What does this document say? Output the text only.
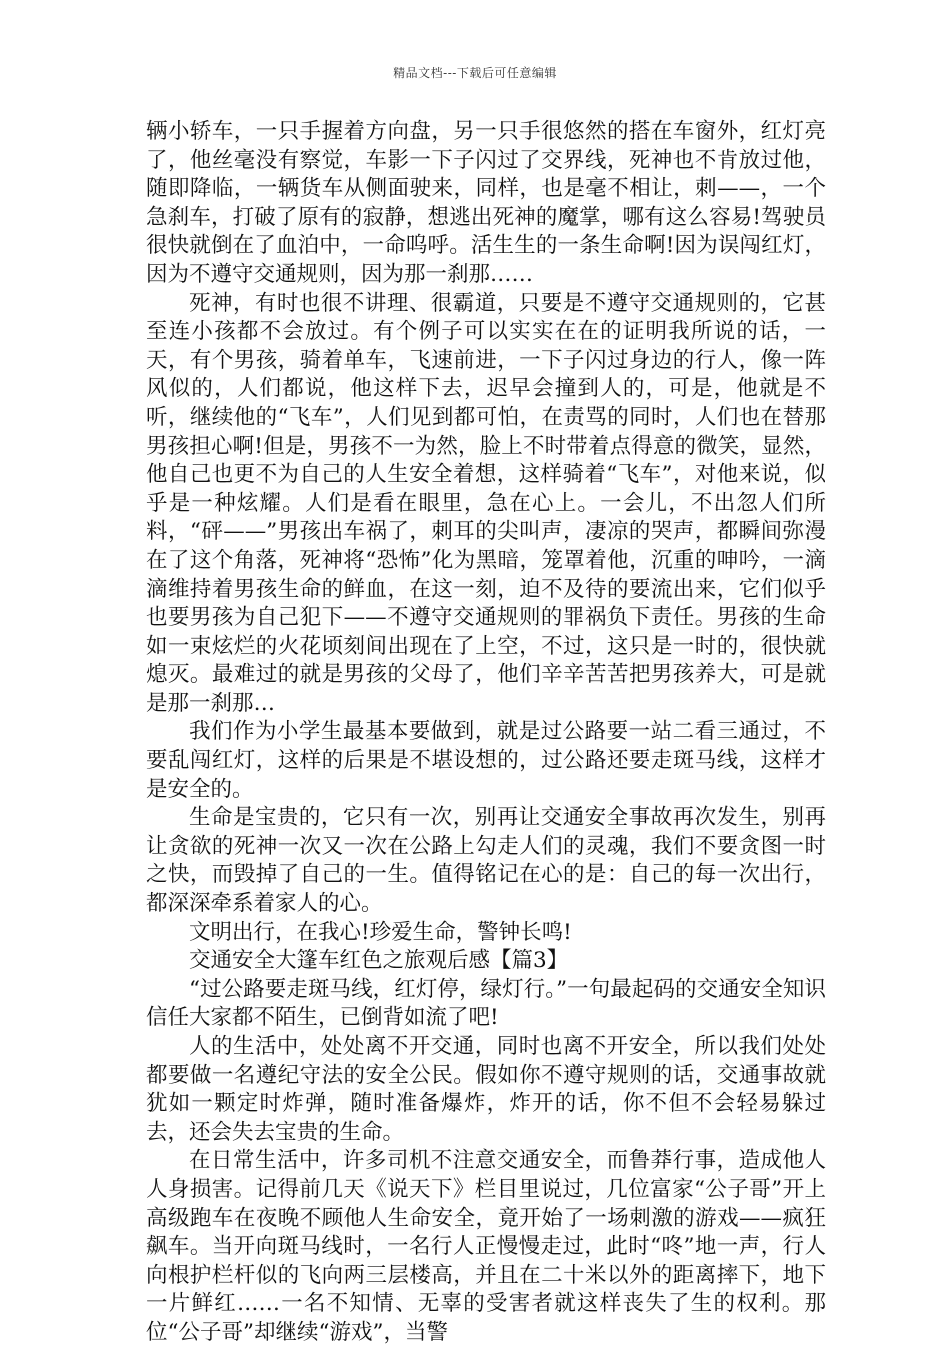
精品文档---下载后可任意编辑

辆小轿车，一只手握着方向盘，另一只手很悠然的搭在车窗外，红灯亮了，他丝毫没有察觉，车影一下子闪过了交界线，死神也不肯放过他，随即降临，一辆货车从侧面驶来，同样，也是毫不相让，刺——，一个急刹车，打破了原有的寂静，想逃出死神的魔掌，哪有这么容易!驾驶员很快就倒在了血泊中，一命呜呼。活生生的一条生命啊!因为误闯红灯，因为不遵守交通规则，因为那一刹那……

死神，有时也很不讲理、很霸道，只要是不遵守交通规则的，它甚至连小孩都不会放过。有个例子可以实实在在的证明我所说的话，一天，有个男孩，骑着单车，飞速前进，一下子闪过身边的行人，像一阵风似的，人们都说，他这样下去，迟早会撞到人的，可是，他就是不听，继续他的“飞车”，人们见到都可怕，在责骂的同时，人们也在替那男孩担心啊!但是，男孩不一为然，脸上不时带着点得意的微笑，显然，他自己也更不为自己的人生安全着想，这样骑着“飞车”，对他来说，似乎是一种炫耀。人们是看在眼里，急在心上。一会儿，不出忽人们所料，“砰——”男孩出车祸了，刺耳的尖叫声，凄凉的哭声，都瞬间弥漫在了这个角落，死神将“恐怖”化为黑暗，笼罩着他，沉重的呻吟，一滴滴维持着男孩生命的鲜血，在这一刻，迫不及待的要流出来，它们似乎也要男孩为自己犯下——不遵守交通规则的罪祸负下责任。男孩的生命如一束炫烂的火花顷刻间出现在了上空，不过，这只是一时的，很快就熄灭。最难过的就是男孩的父母了，他们辛辛苦苦把男孩养大，可是就是那一刹那…

我们作为小学生最基本要做到，就是过公路要一站二看三通过，不要乱闯红灯，这样的后果是不堪设想的，过公路还要走斑马线，这样才是安全的。

生命是宝贵的，它只有一次，别再让交通安全事故再次发生，别再让贪欲的死神一次又一次在公路上勾走人们的灵魂，我们不要贪图一时之快，而毁掉了自己的一生。值得铭记在心的是：自己的每一次出行，都深深牵系着家人的心。

文明出行，在我心!珍爱生命，警钟长鸣!

交通安全大篷车红色之旅观后感【篇3】

“过公路要走斑马线，红灯停，绿灯行。”一句最起码的交通安全知识信任大家都不陌生，已倒背如流了吧!

人的生活中，处处离不开交通，同时也离不开安全，所以我们处处都要做一名遵纪守法的安全公民。假如你不遵守规则的话，交通事故就犹如一颗定时炸弹，随时准备爆炸，炸开的话，你不但不会轻易躲过去，还会失去宝贵的生命。

在日常生活中，许多司机不注意交通安全，而鲁莽行事，造成他人人身损害。记得前几天《说天下》栏目里说过，几位富家“公子哥”开上高级跑车在夜晚不顾他人生命安全，竟开始了一场刺激的游戏——疯狂飙车。当开向斑马线时，一名行人正慢慢走过，此时“咚”地一声，行人向根护栏杆似的飞向两三层楼高，并且在二十米以外的距离摔下，地下一片鲜红……一名不知情、无辜的受害者就这样丧失了生的权利。那位“公子哥”却继续“游戏”，当警
